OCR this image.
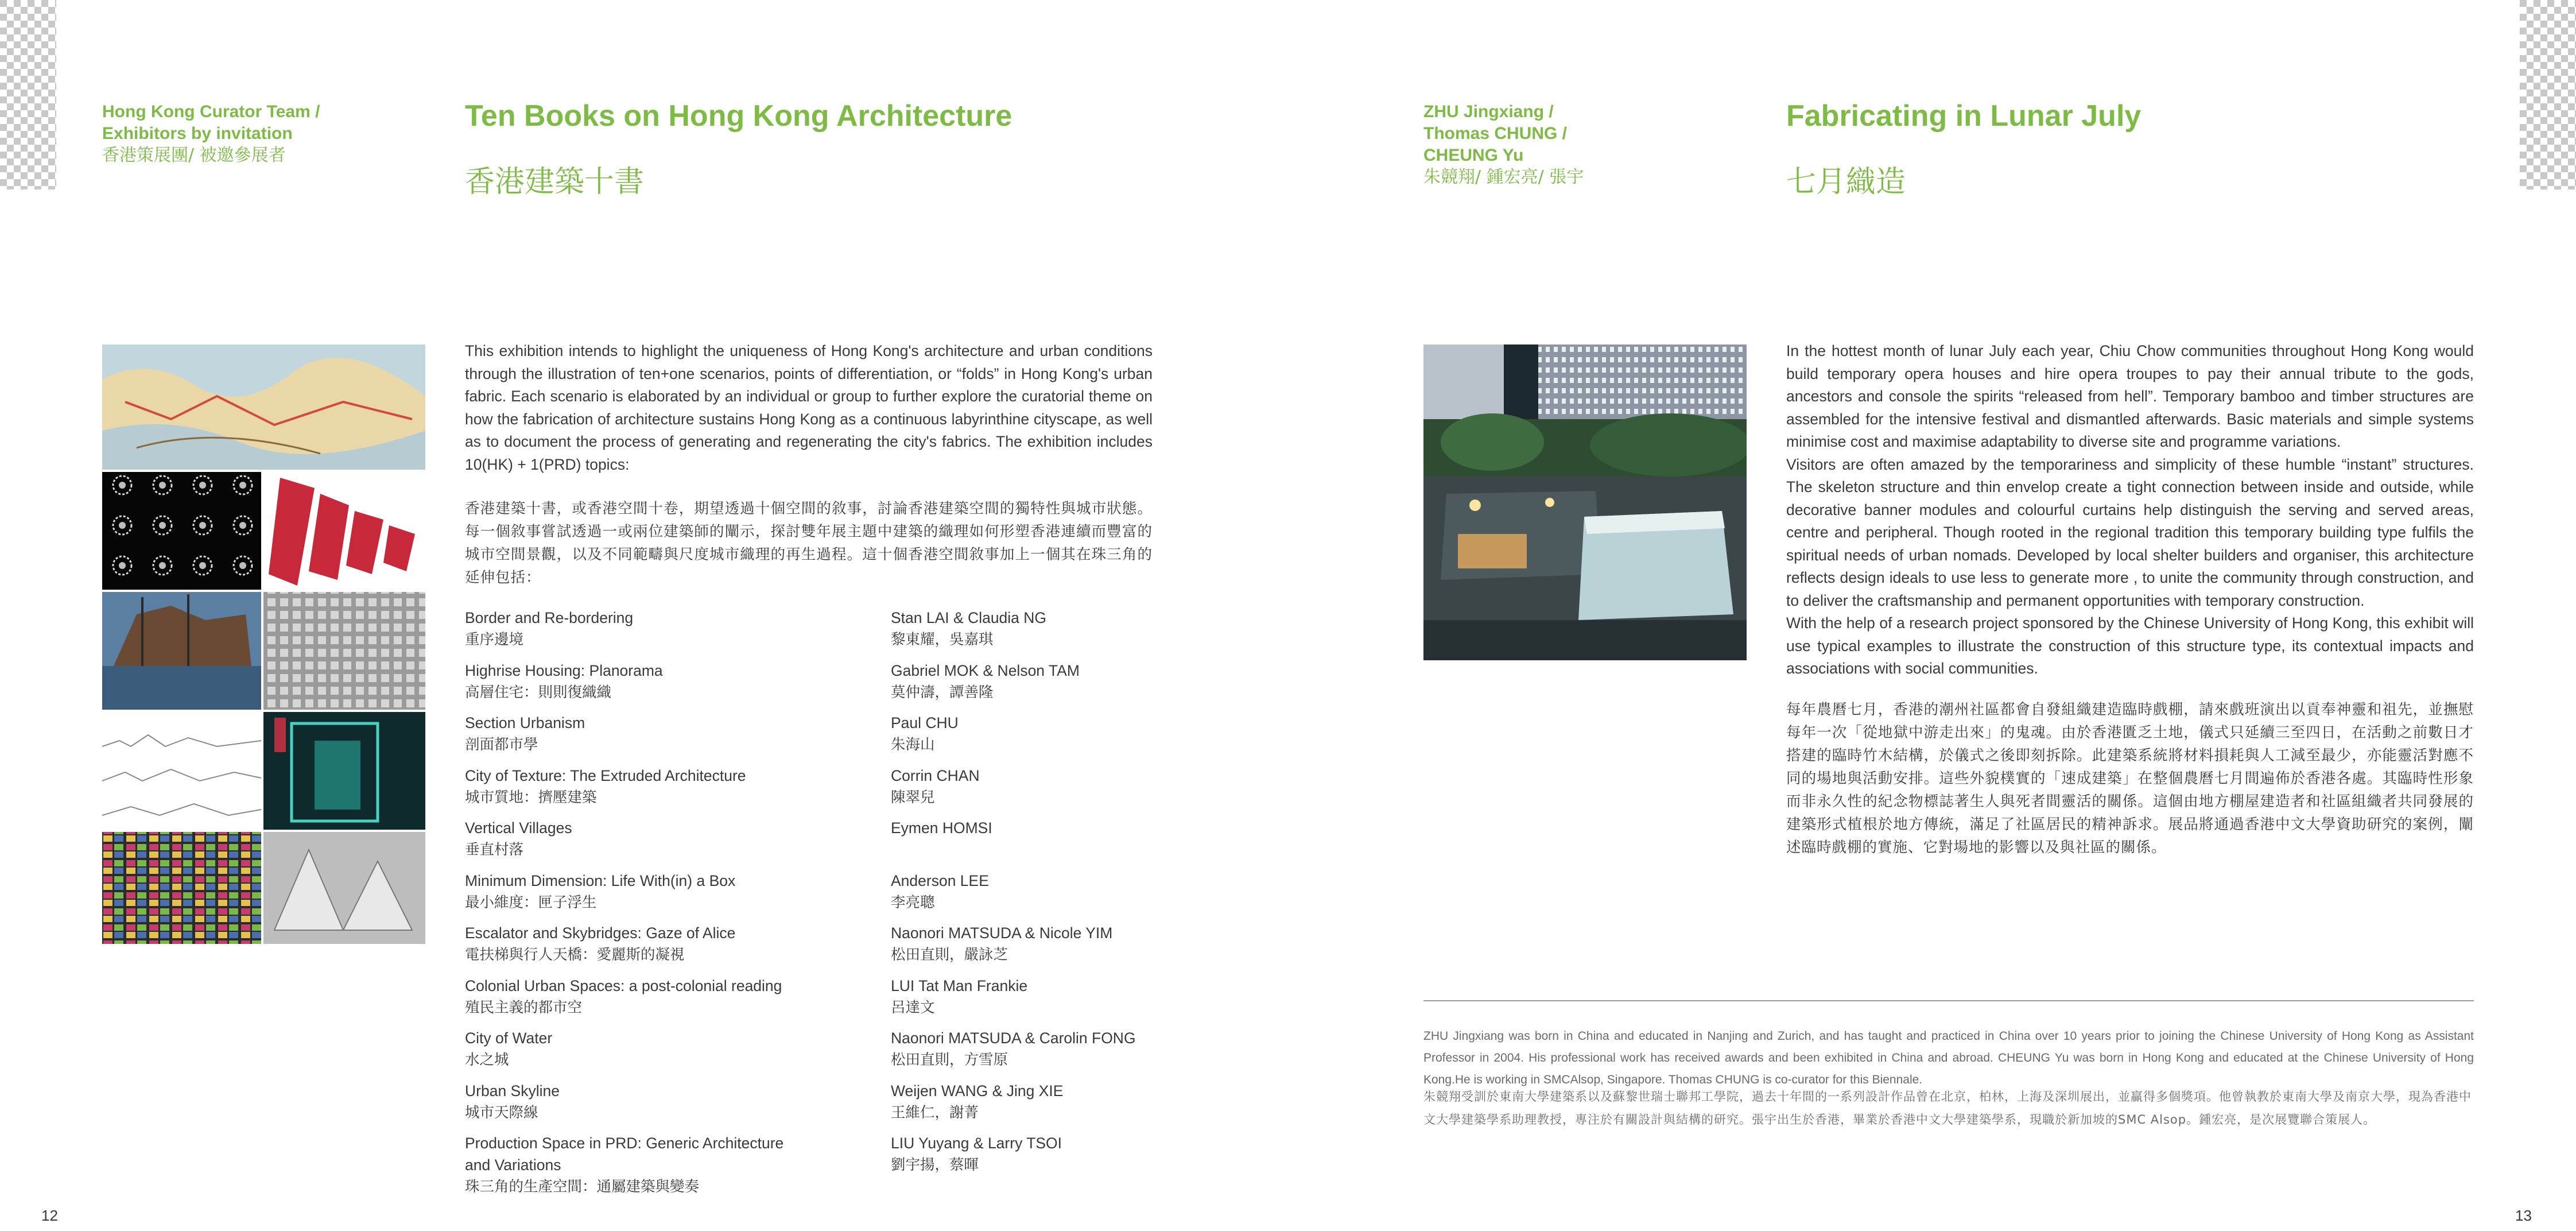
Hong Kong Curator Team /
Exhibitors by invitation
香港策展團/ 被邀參展者
Ten Books on Hong Kong Architecture
香港建築十書
This exhibition intends to highlight the uniqueness of Hong Kong's architecture and urban conditions through the illustration of ten+one scenarios, points of differentiation, or “folds” in Hong Kong's urban fabric. Each scenario is elaborated by an individual or group to further explore the curatorial theme on how the fabrication of architecture sustains Hong Kong as a continuous labyrinthine cityscape, as well as to document the process of generating and regenerating the city's fabrics. The exhibition includes 10(HK) + 1(PRD) topics:
香港建築十書，或香港空間十卷，期望透過十個空間的敘事，討論香港建築空間的獨特性與城市狀態。每一個敘事嘗試透過一或兩位建築師的闡示，探討雙年展主題中建築的織理如何形塑香港連續而豐富的城市空間景觀，以及不同範疇與尺度城市織理的再生過程。這十個香港空間敘事加上一個其在珠三角的延伸包括：
Border and Re-bordering
重序邊境
Highrise Housing: Planorama
高層住宅：則則復織織
Section Urbanism
剖面都市學
City of Texture: The Extruded Architecture
城市質地：擠壓建築
Vertical Villages
垂直村落
Minimum Dimension: Life With(in) a Box
最小維度：匣子浮生
Escalator and Skybridges: Gaze of Alice
電扶梯與行人天橋：愛麗斯的凝視
Colonial Urban Spaces: a post-colonial reading
殖民主義的都市空
City of Water
水之城
Urban Skyline
城市天際線
Production Space in PRD: Generic Architecture
and Variations
珠三角的生產空間：通屬建築與變奏
Stan LAI & Claudia NG
黎東耀，吳嘉琪
Gabriel MOK & Nelson TAM
莫仲濤，譚善隆
Paul CHU
朱海山
Corrin CHAN
陳翠兒
Eymen HOMSI
Anderson LEE
李亮聰
Naonori MATSUDA & Nicole YIM
松田直則，嚴詠芝
LUI Tat Man Frankie
呂達文
Naonori MATSUDA & Carolin FONG
松田直則，方雪原
Weijen WANG & Jing XIE
王維仁，謝菁
LIU Yuyang & Larry TSOI
劉宇揚，蔡暉
12
ZHU Jingxiang /
Thomas CHUNG /
CHEUNG Yu
朱競翔/ 鍾宏亮/ 張宇
Fabricating in Lunar July
七月織造
In the hottest month of lunar July each year, Chiu Chow communities throughout Hong Kong would build temporary opera houses and hire opera troupes to pay their annual tribute to the gods, ancestors and console the spirits “released from hell”. Temporary bamboo and timber structures are assembled for the intensive festival and dismantled afterwards. Basic materials and simple systems minimise cost and maximise adaptability to diverse site and programme variations.
Visitors are often amazed by the temporariness and simplicity of these humble “instant” structures. The skeleton structure and thin envelop create a tight connection between inside and outside, while decorative banner modules and colourful curtains help distinguish the serving and served areas, centre and peripheral. Though rooted in the regional tradition this temporary building type fulfils the spiritual needs of urban nomads. Developed by local shelter builders and organiser, this architecture reflects design ideals to use less to generate more , to unite the community through construction, and to deliver the craftsmanship and permanent opportunities with temporary construction.
With the help of a research project sponsored by the Chinese University of Hong Kong, this exhibit will use typical examples to illustrate the construction of this structure type, its contextual impacts and associations with social communities.
每年農曆七月，香港的潮州社區都會自發組織建造臨時戲棚，請來戲班演出以貢奉神靈和祖先，並撫慰每年一次「從地獄中游走出來」的鬼魂。由於香港匱乏土地，儀式只延續三至四日，在活動之前數日才搭建的臨時竹木結構，於儀式之後即刻拆除。此建築系統將材料損耗與人工減至最少，亦能靈活對應不同的場地與活動安排。這些外貌樸實的「速成建築」在整個農曆七月間遍佈於香港各處。其臨時性形象而非永久性的紀念物標誌著生人與死者間靈活的關係。這個由地方棚屋建造者和社區組織者共同發展的建築形式植根於地方傳統，滿足了社區居民的精神訴求。展品將通過香港中文大學資助研究的案例，闡述臨時戲棚的實施、它對場地的影響以及與社區的關係。
ZHU Jingxiang was born in China and educated in Nanjing and Zurich, and has taught and practiced in China over 10 years prior to joining the Chinese University of Hong Kong as Assistant Professor in 2004. His professional work has received awards and been exhibited in China and abroad. CHEUNG Yu was born in Hong Kong and educated at the Chinese University of Hong Kong.He is working in SMCAlsop, Singapore. Thomas CHUNG is co-curator for this Biennale.
朱競翔受訓於東南大學建築系以及蘇黎世瑞士聯邦工學院，過去十年間的一系列設計作品曾在北京，柏林，上海及深圳展出，並贏得多個獎項。他曾執教於東南大學及南京大學，現為香港中文大學建築學系助理教授，專注於有關設計與結構的研究。張宇出生於香港，畢業於香港中文大學建築學系，現職於新加坡的SMC Alsop。鍾宏亮，是次展覽聯合策展人。
13
